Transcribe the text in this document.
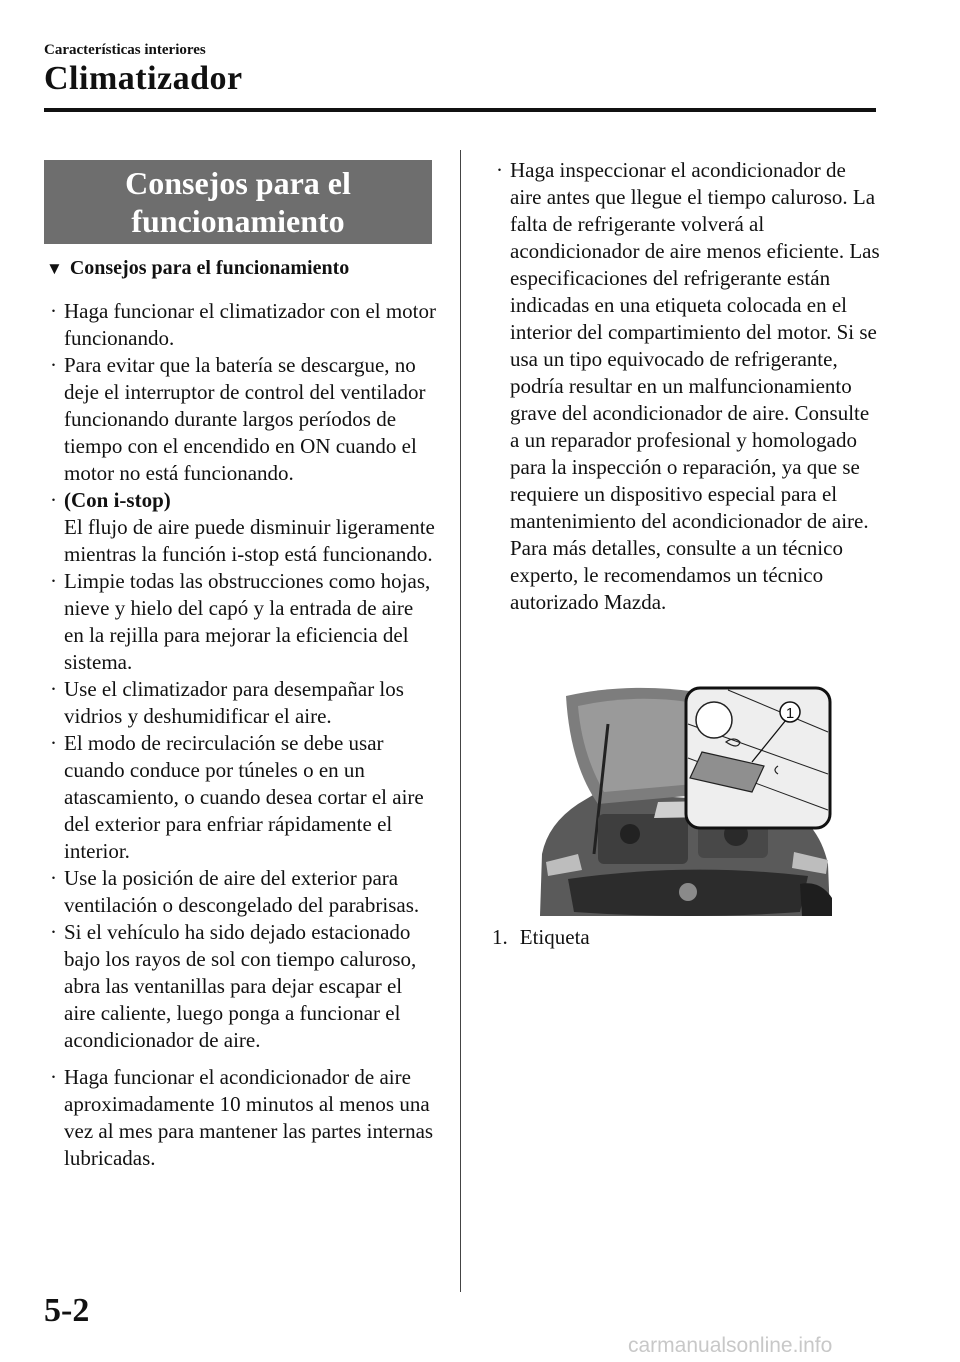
Características interiores
Climatizador
Consejos para el
funcionamiento
▼ Consejos para el funcionamiento
· Haga funcionar el climatizador con el motor funcionando.
· Para evitar que la batería se descargue, no deje el interruptor de control del ventilador funcionando durante largos períodos de tiempo con el encendido en ON cuando el motor no está funcionando.
· (Con i-stop)
El flujo de aire puede disminuir ligeramente mientras la función i-stop está funcionando.
· Limpie todas las obstrucciones como hojas, nieve y hielo del capó y la entrada de aire en la rejilla para mejorar la eficiencia del sistema.
· Use el climatizador para desempañar los vidrios y deshumidificar el aire.
· El modo de recirculación se debe usar cuando conduce por túneles o en un atascamiento, o cuando desea cortar el aire del exterior para enfriar rápidamente el interior.
· Use la posición de aire del exterior para ventilación o descongelado del parabrisas.
· Si el vehículo ha sido dejado estacionado bajo los rayos de sol con tiempo caluroso, abra las ventanillas para dejar escapar el aire caliente, luego ponga a funcionar el acondicionador de aire.
· Haga funcionar el acondicionador de aire aproximadamente 10 minutos al menos una vez al mes para mantener las partes internas lubricadas.
· Haga inspeccionar el acondicionador de aire antes que llegue el tiempo caluroso. La falta de refrigerante volverá al acondicionador de aire menos eficiente. Las especificaciones del refrigerante están indicadas en una etiqueta colocada en el interior del compartimiento del motor. Si se usa un tipo equivocado de refrigerante, podría resultar en un malfuncionamiento grave del acondicionador de aire. Consulte a un reparador profesional y homologado para la inspección o reparación, ya que se requiere un dispositivo especial para el mantenimiento del acondicionador de aire.
Para más detalles, consulte a un técnico experto, le recomendamos un técnico autorizado Mazda.
1
1. Etiqueta
5-2
carmanualsonline.info
